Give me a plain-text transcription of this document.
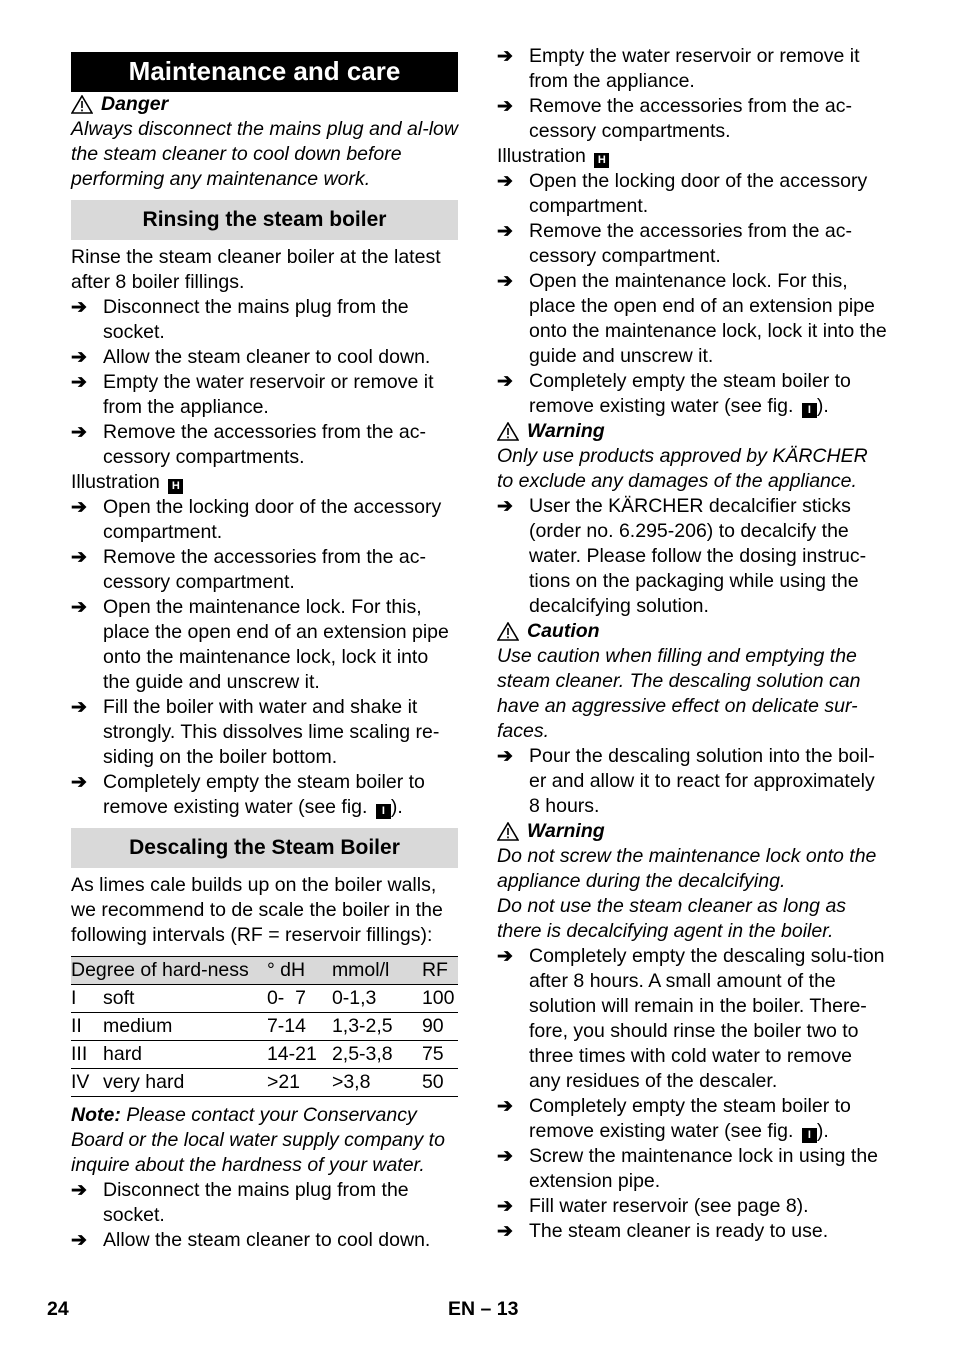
Maintenance and care
Danger

Always disconnect the mains plug and al-low the steam cleaner to cool down before performing any maintenance work.

Rinsing the steam boiler

Rinse the steam cleaner boiler at the latest after 8 boiler fillings.

➔ Disconnect the mains plug from the socket.
➔ Allow the steam cleaner to cool down.
➔ Empty the water reservoir or remove it from the appliance.
➔ Remove the accessories from the ac-cessory compartments.

Illustration H

➔ Open the locking door of the accessory compartment.
➔ Remove the accessories from the ac-cessory compartment.
➔ Open the maintenance lock. For this, place the open end of an extension pipe onto the maintenance lock, lock it into the guide and unscrew it.
➔ Fill the boiler with water and shake it strongly. This dissolves lime scaling re-siding on the boiler bottom.
➔ Completely empty the steam boiler to remove existing water (see fig. I ).
Descaling the Steam Boiler

As limes cale builds up on the boiler walls, we recommend to de scale the boiler in the following intervals (RF = reservoir fillings):

Degree of hard-ness		° dH	mmol/l	RF
I	soft	0-  7	0-1,3	100
II	medium	7-14	1,3-2,5	90
III	hard	14-21	2,5-3,8	75
IV	very hard	>21	>3,8	50

Note: Please contact your Conservancy Board or the local water supply company to inquire about the hardness of your water.

➔ Disconnect the mains plug from the socket.
➔ Allow the steam cleaner to cool down.
➔ Empty the water reservoir or remove it from the appliance.
➔ Remove the accessories from the ac-cessory compartments.

Illustration H

➔ Open the locking door of the accessory compartment.
➔ Remove the accessories from the ac-cessory compartment.
➔ Open the maintenance lock. For this, place the open end of an extension pipe onto the maintenance lock, lock it into the guide and unscrew it.
➔ Completely empty the steam boiler to remove existing water (see fig. I ).
Warning

Only use products approved by KÄRCHER to exclude any damages of the appliance.

➔ User the KÄRCHER decalcifier sticks (order no. 6.295-206) to decalcify the water. Please follow the dosing instruc-tions on the packaging while using the decalcifying solution.
Caution

Use caution when filling and emptying the steam cleaner. The descaling solution can have an aggressive effect on delicate sur-faces.

➔ Pour the descaling solution into the boil-er and allow it to react for approximately 8 hours.
Warning

Do not screw the maintenance lock onto the appliance during the decalcifying.

Do not use the steam cleaner as long as there is decalcifying agent in the boiler.

➔ Completely empty the descaling solu-tion after 8 hours. A small amount of the solution will remain in the boiler. There-fore, you should rinse the boiler two to three times with cold water to remove any residues of the descaler.
➔ Completely empty the steam boiler to remove existing water (see fig. I ).
➔ Screw the maintenance lock in using the extension pipe.
➔ Fill water reservoir (see page 8).
➔ The steam cleaner is ready to use.
24	EN – 13
